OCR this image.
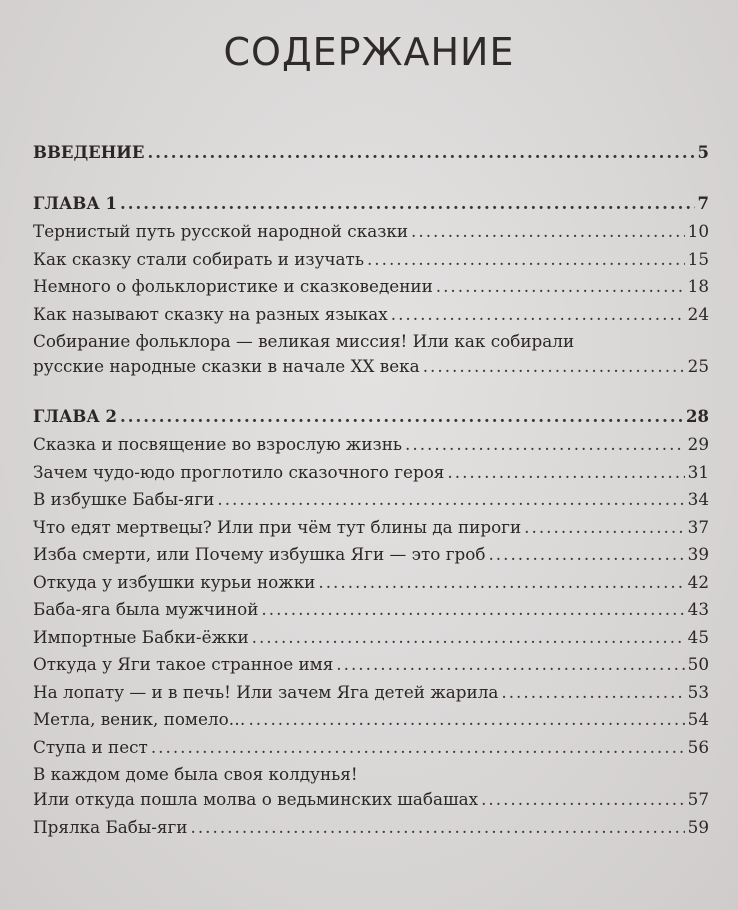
СОДЕРЖАНИЕ
ВВЕДЕНИЕ .....	5
ГЛАВА 1 .....	7
Тернистый путь русской народной сказки .....	10
Как сказку стали собирать и изучать .....	15
Немного о фольклористике и сказковедении .....	18
Как называют сказку на разных языках .....	24
Собирание фольклора — великая миссия! Или как собирали
русские народные сказки в начале XX века .....	25
ГЛАВА 2 .....	28
Сказка и посвящение во взрослую жизнь .....	29
Зачем чудо-юдо проглотило сказочного героя .....	31
В избушке Бабы-яги .....	34
Что едят мертвецы? Или при чём тут блины да пироги .....	37
Изба смерти, или Почему избушка Яги — это гроб .....	39
Откуда у избушки курьи ножки .....	42
Баба-яга была мужчиной .....	43
Импортные Бабки-ёжки .....	45
Откуда у Яги такое странное имя .....	50
На лопату — и в печь! Или зачем Яга детей жарила .....	53
Метла, веник, помело… .....	54
Ступа и пест .....	56
В каждом доме была своя колдунья!
Или откуда пошла молва о ведьминских шабашах .....	57
Прялка Бабы-яги .....	59
